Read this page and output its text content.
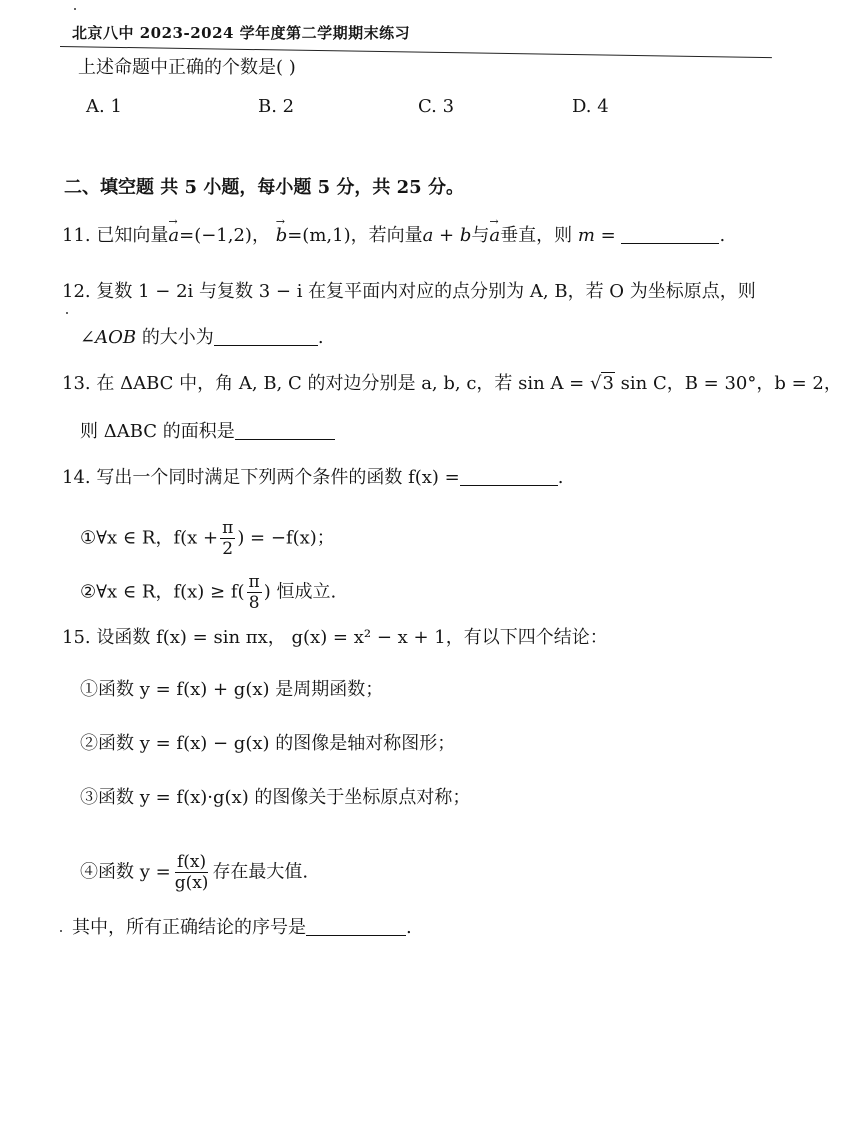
北京八中 2023-2024 学年度第二学期期末练习
上述命题中正确的个数是( )
A. 1	B. 2	C. 3	D. 4
二、填空题 共 5 小题，每小题 5 分，共 25 分。
11. 已知向量→ a=(−1,2)， → b=(m,1)，若向量a + b与→ a垂直，则 m =	.
12. 复数 1 − 2i 与复数 3 − i 在复平面内对应的点分别为 A, B，若 O 为坐标原点，则
∠AOB 的大小为	.
13. 在 ΔABC 中，角 A, B, C 的对边分别是 a, b, c，若 sin A = √3 sin C，B = 30°，b = 2，
则 ΔABC 的面积是
14. 写出一个同时满足下列两个条件的函数 f(x) =	.
①∀x ∈ R，$f(x + \frac{\pi}{2}$ ) = −f(x)；
②∀x ∈ R，$f(x) \ge f( \frac{\pi}{8}$ ) 恒成立.
15. 设函数 f(x) = sin πx， g(x) = x² − x + 1，有以下四个结论：
①函数 y = f(x) + g(x) 是周期函数；
②函数 y = f(x) − g(x) 的图像是轴对称图形；
③函数 y = f(x)·g(x) 的图像关于坐标原点对称；
④函数 $y = \frac{f(x)}{g(x)}$ 存在最大值.
其中，所有正确结论的序号是	.
